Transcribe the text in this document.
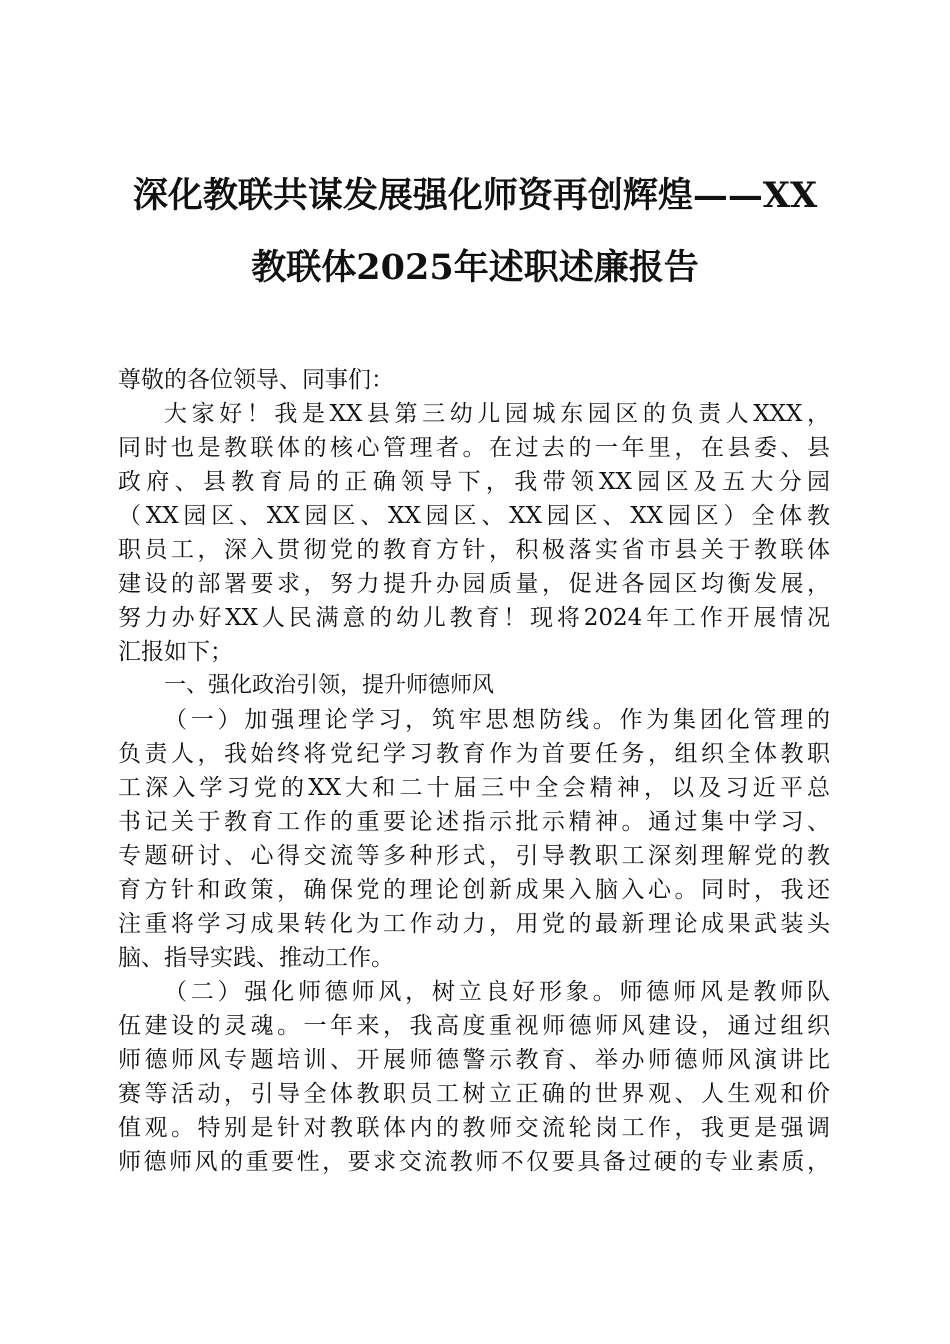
深化教联共谋发展强化师资再创辉煌——XX
教联体2025年述职述廉报告
尊敬的各位领导、同事们：
大家好！我是XX县第三幼儿园城东园区的负责人XXX，
同时也是教联体的核心管理者。在过去的一年里，在县委、县
政府、县教育局的正确领导下，我带领XX园区及五大分园
（XX园区、XX园区、XX园区、XX园区、XX园区）全体教
职员工，深入贯彻党的教育方针，积极落实省市县关于教联体
建设的部署要求，努力提升办园质量，促进各园区均衡发展，
努力办好XX人民满意的幼儿教育！现将2024年工作开展情况
汇报如下；
一、强化政治引领，提升师德师风
（一）加强理论学习，筑牢思想防线。作为集团化管理的
负责人，我始终将党纪学习教育作为首要任务，组织全体教职
工深入学习党的XX大和二十届三中全会精神，以及习近平总
书记关于教育工作的重要论述指示批示精神。通过集中学习、
专题研讨、心得交流等多种形式，引导教职工深刻理解党的教
育方针和政策，确保党的理论创新成果入脑入心。同时，我还
注重将学习成果转化为工作动力，用党的最新理论成果武装头
脑、指导实践、推动工作。
（二）强化师德师风，树立良好形象。师德师风是教师队
伍建设的灵魂。一年来，我高度重视师德师风建设，通过组织
师德师风专题培训、开展师德警示教育、举办师德师风演讲比
赛等活动，引导全体教职员工树立正确的世界观、人生观和价
值观。特别是针对教联体内的教师交流轮岗工作，我更是强调
师德师风的重要性，要求交流教师不仅要具备过硬的专业素质，
